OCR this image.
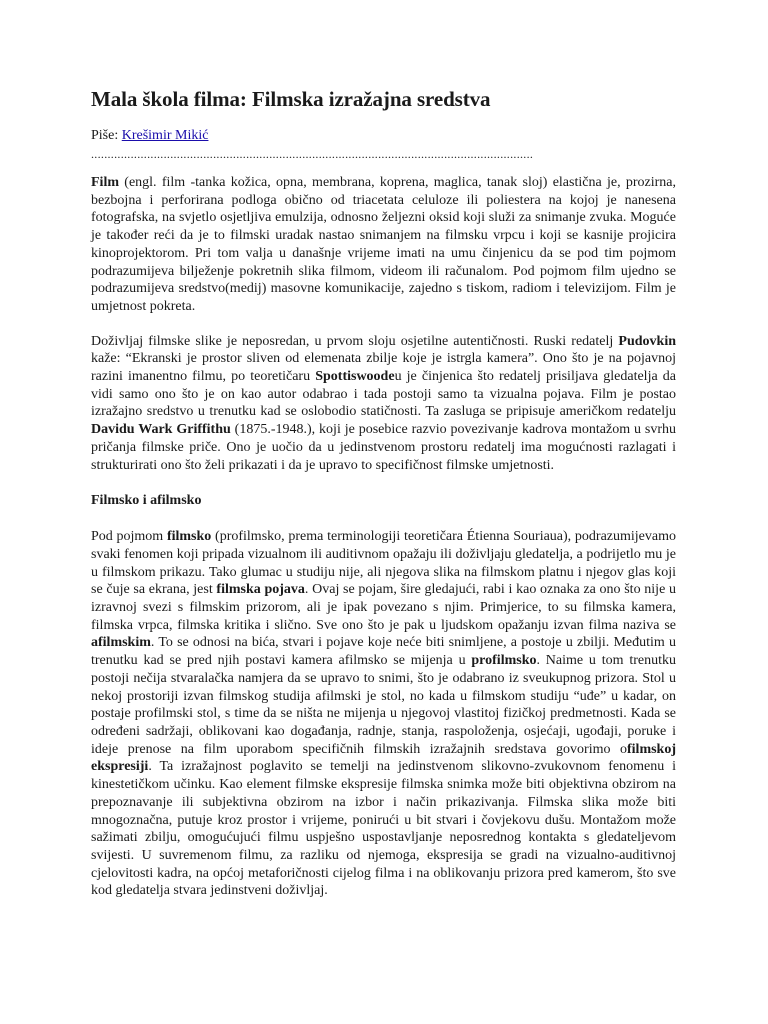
Mala škola filma: Filmska izražajna sredstva
Piše: Krešimir Mikić
......................................................................................................................................

Film (engl. film -tanka kožica, opna, membrana, koprena, maglica, tanak sloj) elastična je, prozirna, bezbojna i perforirana podloga obično od triacetata celuloze ili poliestera na kojoj je nanesena fotografska, na svjetlo osjetljiva emulzija, odnosno željezni oksid koji služi za snimanje zvuka. Moguće je također reći da je to filmski uradak nastao snimanjem na filmsku vrpcu i koji se kasnije projicira kinoprojektorom. Pri tom valja u današnje vrijeme imati na umu činjenicu da se pod tim pojmom podrazumijeva bilježenje pokretnih slika filmom, videom ili računalom. Pod pojmom film ujedno se podrazumijeva sredstvo(medij) masovne komunikacije, zajedno s tiskom, radiom i televizijom. Film je umjetnost pokreta.

Doživljaj filmske slike je neposredan, u prvom sloju osjetilne autentičnosti. Ruski redatelj Pudovkin kaže: “Ekranski je prostor sliven od elemenata zbilje koje je istrgla kamera”. Ono što je na pojavnoj razini imanentno filmu, po teoretičaru Spottiswoodeu je činjenica što redatelj prisiljava gledatelja da vidi samo ono što je on kao autor odabrao i tada postoji samo ta vizualna pojava. Film je postao izražajno sredstvo u trenutku kad se oslobodio statičnosti. Ta zasluga se pripisuje američkom redatelju Davidu Wark Griffithu (1875.-1948.), koji je posebice razvio povezivanje kadrova montažom u svrhu pričanja filmske priče. Ono je uočio da u jedinstvenom prostoru redatelj ima mogućnosti razlagati i strukturirati ono što želi prikazati i da je upravo to specifičnost filmske umjetnosti.

Filmsko i afilmsko

Pod pojmom filmsko (profilmsko, prema terminologiji teoretičara Étienna Souriaua), podrazumijevamo svaki fenomen koji pripada vizualnom ili auditivnom opažaju ili doživljaju gledatelja, a podrijetlo mu je u filmskom prikazu. Tako glumac u studiju nije, ali njegova slika na filmskom platnu i njegov glas koji se čuje sa ekrana, jest filmska pojava. Ovaj se pojam, šire gledajući, rabi i kao oznaka za ono što nije u izravnoj svezi s filmskim prizorom, ali je ipak povezano s njim. Primjerice, to su filmska kamera, filmska vrpca, filmska kritika i slično. Sve ono što je pak u ljudskom opažanju izvan filma naziva se afilmskim. To se odnosi na bića, stvari i pojave koje neće biti snimljene, a postoje u zbilji. Međutim u trenutku kad se pred njih postavi kamera afilmsko se mijenja u profilmsko. Naime u tom trenutku postoji nečija stvaralačka namjera da se upravo to snimi, što je odabrano iz sveukupnog prizora. Stol u nekoj prostoriji izvan filmskog studija afilmski je stol, no kada u filmskom studiju “uđe” u kadar, on postaje profilmski stol, s time da se ništa ne mijenja u njegovoj vlastitoj fizičkoj predmetnosti. Kada se određeni sadržaji, oblikovani kao događanja, radnje, stanja, raspoloženja, osjećaji, ugođaji, poruke i ideje prenose na film uporabom specifičnih filmskih izražajnih sredstava govorimo ofilmskoj ekspresiji. Ta izražajnost poglavito se temelji na jedinstvenom slikovno-zvukovnom fenomenu i kinestetičkom učinku. Kao element filmske ekspresije filmska snimka može biti objektivna obzirom na prepoznavanje ili subjektivna obzirom na izbor i način prikazivanja. Filmska slika može biti mnogoznačna, putuje kroz prostor i vrijeme, ponirući u bit stvari i čovjekovu dušu. Montažom može sažimati zbilju, omogućujući filmu uspješno uspostavljanje neposrednog kontakta s gledateljevom svijesti. U suvremenom filmu, za razliku od njemoga, ekspresija se gradi na vizualno-auditivnoj cjelovitosti kadra, na općoj metaforičnosti cijelog filma i na oblikovanju prizora pred kamerom, što sve kod gledatelja stvara jedinstveni doživljaj.
